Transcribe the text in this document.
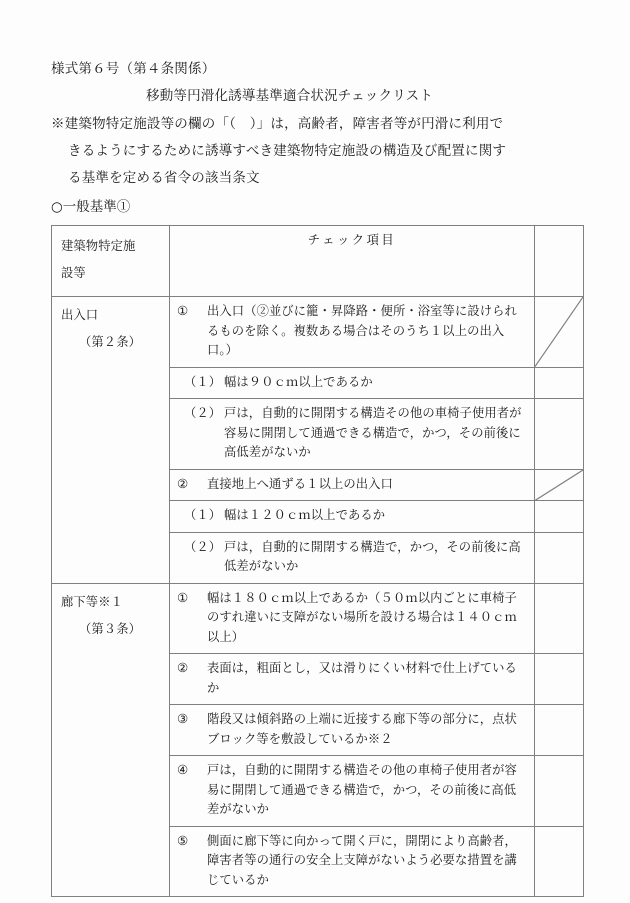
様式第６号（第４条関係）
移動等円滑化誘導基準適合状況チェックリスト
※建築物特定施設等の欄の「（　）」は，高齢者，障害者等が円滑に利用で
きるようにするために誘導すべき建築物特定施設の構造及び配置に関す
る基準を定める省令の該当条文
○一般基準①
建築物特定施
設等	チェック項目	

出入口
（第２条）	① 出入口（②並びに籠・昇降路・便所・浴室等に設けられるものを除く。複数ある場合はそのうち１以上の出入口。）

	（１） 幅は９０ｃｍ以上であるか	

	（２） 戸は，自動的に開閉する構造その他の車椅子使用者が容易に開閉して通過できる構造で，かつ，その前後に高低差がないか	

	② 直接地上へ通ずる１以上の出入口

	（１） 幅は１２０ｃｍ以上であるか	

	（２） 戸は，自動的に開閉する構造で，かつ，その前後に高低差がないか	

廊下等※１
（第３条）	① 幅は１８０ｃｍ以上であるか（５０ｍ以内ごとに車椅子のすれ違いに支障がない場所を設ける場合は１４０ｃｍ以上）	

	② 表面は，粗面とし，又は滑りにくい材料で仕上げているか	

	③ 階段又は傾斜路の上端に近接する廊下等の部分に，点状ブロック等を敷設しているか※２	

	④ 戸は，自動的に開閉する構造その他の車椅子使用者が容易に開閉して通過できる構造で，かつ，その前後に高低差がないか	

	⑤ 側面に廊下等に向かって開く戸に，開閉により高齢者，障害者等の通行の安全上支障がないよう必要な措置を講じているか	
